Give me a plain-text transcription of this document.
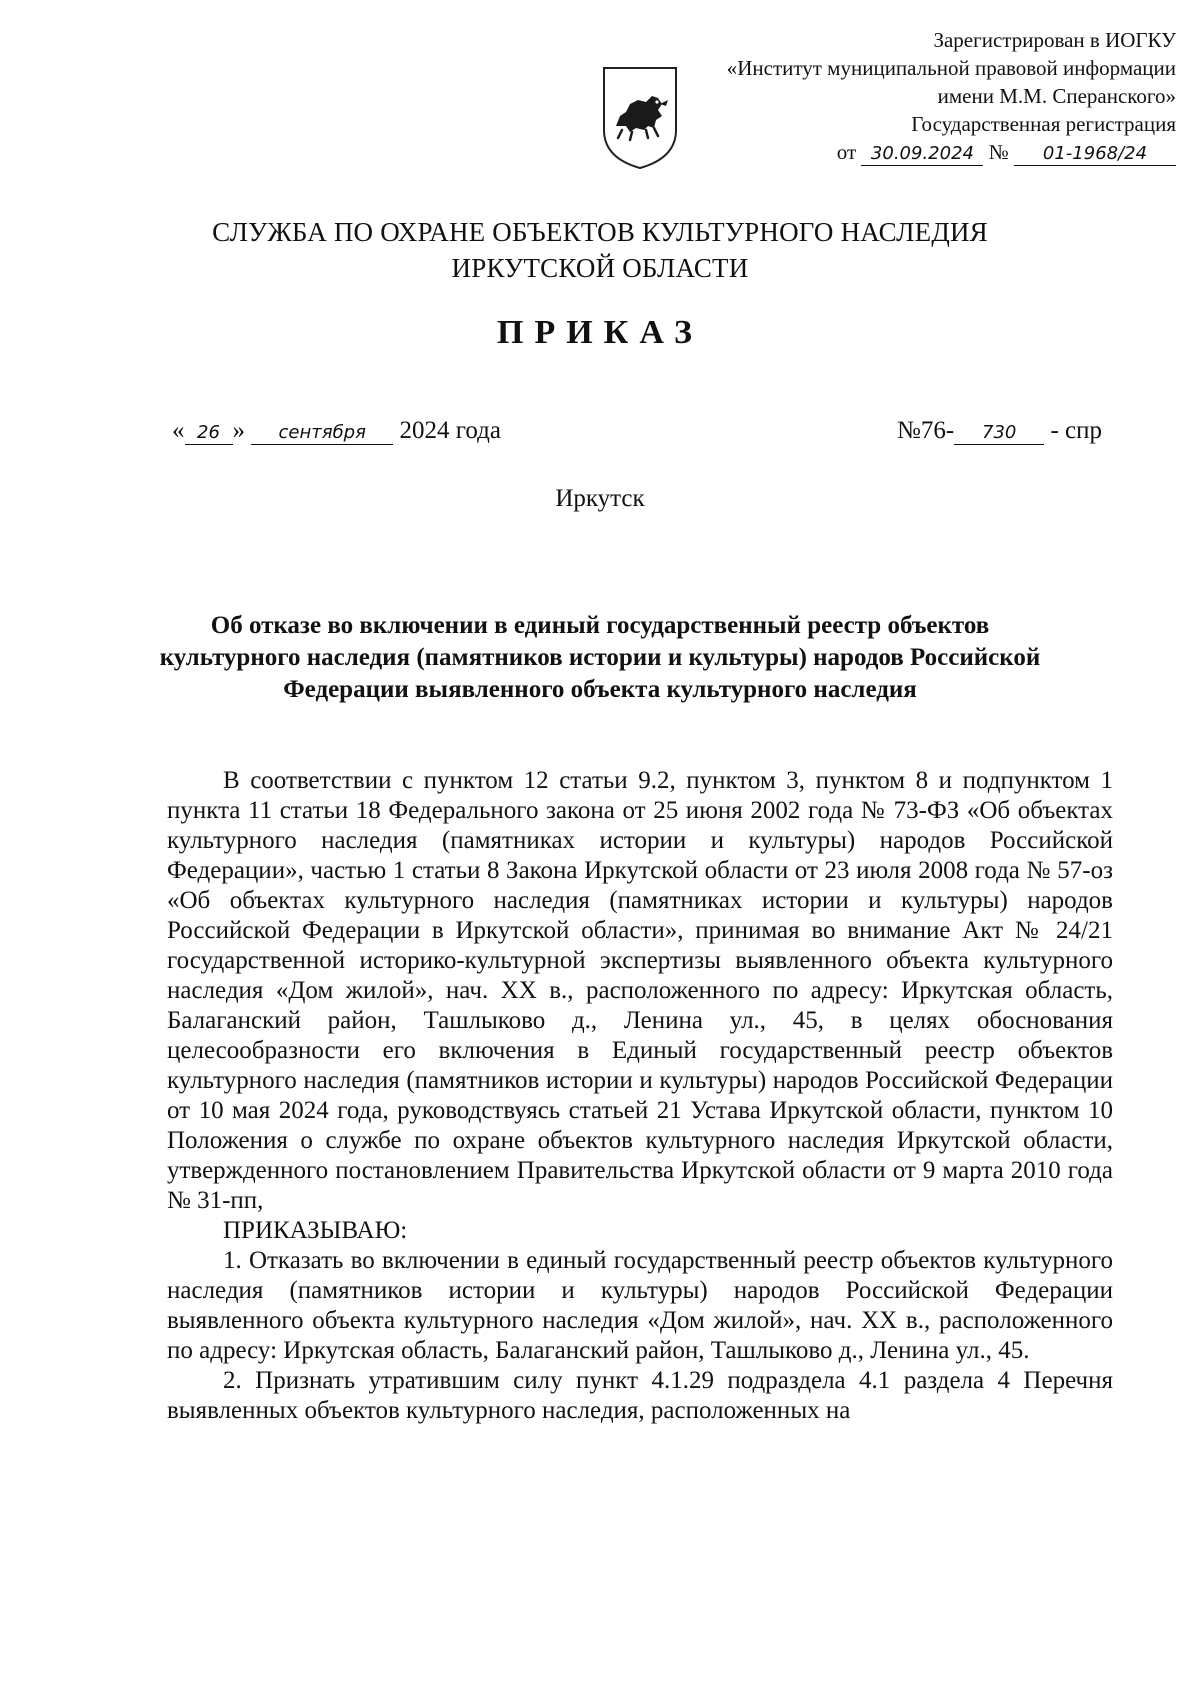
Зарегистрирован в ИОГКУ
«Институт муниципальной правовой информации
имени М.М. Сперанского»
Государственная регистрация
от 30.09.2024 № 01-1968/24
СЛУЖБА ПО ОХРАНЕ ОБЪЕКТОВ КУЛЬТУРНОГО НАСЛЕДИЯ
ИРКУТСКОЙ ОБЛАСТИ
ПРИКАЗ
« 26 » сентября 2024 года	№76- 730 - спр
Иркутск
Об отказе во включении в единый государственный реестр объектов культурного наследия (памятников истории и культуры) народов Российской Федерации выявленного объекта культурного наследия

В соответствии с пунктом 12 статьи 9.2, пунктом 3, пунктом 8 и подпунктом 1 пункта 11 статьи 18 Федерального закона от 25 июня 2002 года № 73-ФЗ «Об объектах культурного наследия (памятниках истории и культуры) народов Российской Федерации», частью 1 статьи 8 Закона Иркутской области от 23 июля 2008 года № 57-оз «Об объектах культурного наследия (памятниках истории и культуры) народов Российской Федерации в Иркутской области», принимая во внимание Акт № 24/21 государственной историко-культурной экспертизы выявленного объекта культурного наследия «Дом жилой», нач. XX в., расположенного по адресу: Иркутская область, Балаганский район, Ташлыково д., Ленина ул., 45, в целях обоснования целесообразности его включения в Единый государственный реестр объектов культурного наследия (памятников истории и культуры) народов Российской Федерации от 10 мая 2024 года, руководствуясь статьей 21 Устава Иркутской области, пунктом 10 Положения о службе по охране объектов культурного наследия Иркутской области, утвержденного постановлением Правительства Иркутской области от 9 марта 2010 года № 31-пп,

ПРИКАЗЫВАЮ:

1. Отказать во включении в единый государственный реестр объектов культурного наследия (памятников истории и культуры) народов Российской Федерации выявленного объекта культурного наследия «Дом жилой», нач. XX в., расположенного по адресу: Иркутская область, Балаганский район, Ташлыково д., Ленина ул., 45.

2. Признать утратившим силу пункт 4.1.29 подраздела 4.1 раздела 4 Перечня выявленных объектов культурного наследия, расположенных на
